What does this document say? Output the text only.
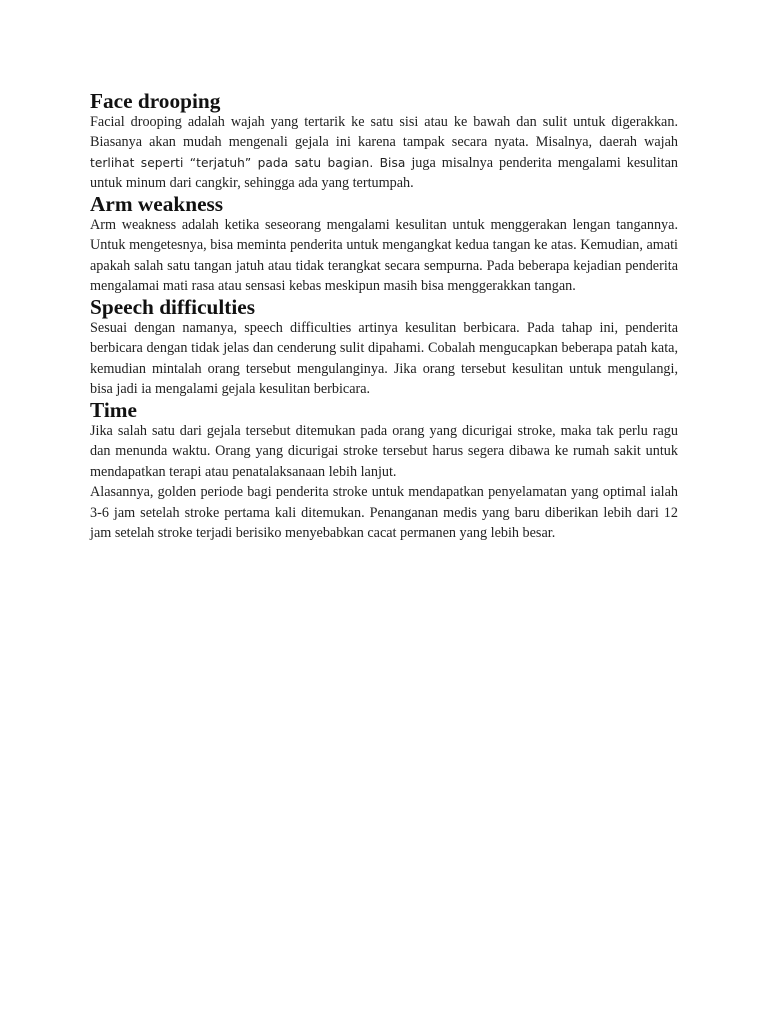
Face drooping

Facial drooping adalah wajah yang tertarik ke satu sisi atau ke bawah dan sulit untuk digerakkan. Biasanya akan mudah mengenali gejala ini karena tampak secara nyata. Misalnya, daerah wajah terlihat seperti “terjatuh” pada satu bagian. Bisa juga misalnya penderita mengalami kesulitan untuk minum dari cangkir, sehingga ada yang tertumpah.

Arm weakness

Arm weakness adalah ketika seseorang mengalami kesulitan untuk menggerakan lengan tangannya. Untuk mengetesnya, bisa meminta penderita untuk mengangkat kedua tangan ke atas. Kemudian, amati apakah salah satu tangan jatuh atau tidak terangkat secara sempurna. Pada beberapa kejadian penderita mengalamai mati rasa atau sensasi kebas meskipun masih bisa menggerakkan tangan.

Speech difficulties

Sesuai dengan namanya, speech difficulties artinya kesulitan berbicara. Pada tahap ini, penderita berbicara dengan tidak jelas dan cenderung sulit dipahami. Cobalah mengucapkan beberapa patah kata, kemudian mintalah orang tersebut mengulanginya. Jika orang tersebut kesulitan untuk mengulangi, bisa jadi ia mengalami gejala kesulitan berbicara.

Time

Jika salah satu dari gejala tersebut ditemukan pada orang yang dicurigai stroke, maka tak perlu ragu dan menunda waktu. Orang yang dicurigai stroke tersebut harus segera dibawa ke rumah sakit untuk mendapatkan terapi atau penatalaksanaan lebih lanjut.

Alasannya, golden periode bagi penderita stroke untuk mendapatkan penyelamatan yang optimal ialah 3-6 jam setelah stroke pertama kali ditemukan. Penanganan medis yang baru diberikan lebih dari 12 jam setelah stroke terjadi berisiko menyebabkan cacat permanen yang lebih besar.
